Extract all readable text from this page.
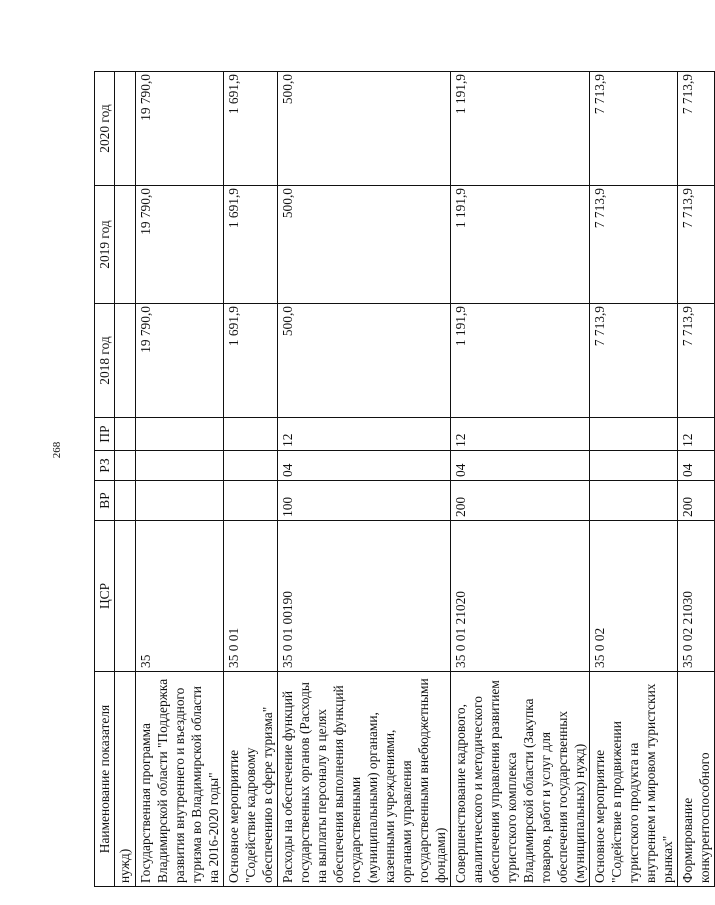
268
Наименование показателя	ЦСР	ВР	РЗ	ПР	2018 год	2019 год	2020 год
нужд)							
Государственная программа Владимирской области "Поддержка развития внутреннего и въездного туризма во Владимирской области на 2016-2020 годы"	35				19 790,0	19 790,0	19 790,0
Основное мероприятие "Содействие кадровому обеспечению в сфере туризма"	35 0 01				1 691,9	1 691,9	1 691,9
Расходы на обеспечение функций государственных органов (Расходы на выплаты персоналу в целях обеспечения выполнения функций государственными (муниципальными) органами, казенными учреждениями, органами управления государственными внебюджетными фондами)	35 0 01 00190	100	04	12	500,0	500,0	500,0
Совершенствование кадрового, аналитического и методического обеспечения управления развитием туристского комплекса Владимирской области (Закупка товаров, работ и услуг для обеспечения государственных (муниципальных) нужд)	35 0 01 21020	200	04	12	1 191,9	1 191,9	1 191,9
Основное мероприятие "Содействие в продвижении туристского продукта на внутреннем и мировом туристских рынках"	35 0 02				7 713,9	7 713,9	7 713,9
Формирование конкурентоспособного	35 0 02 21030	200	04	12	7 713,9	7 713,9	7 713,9
